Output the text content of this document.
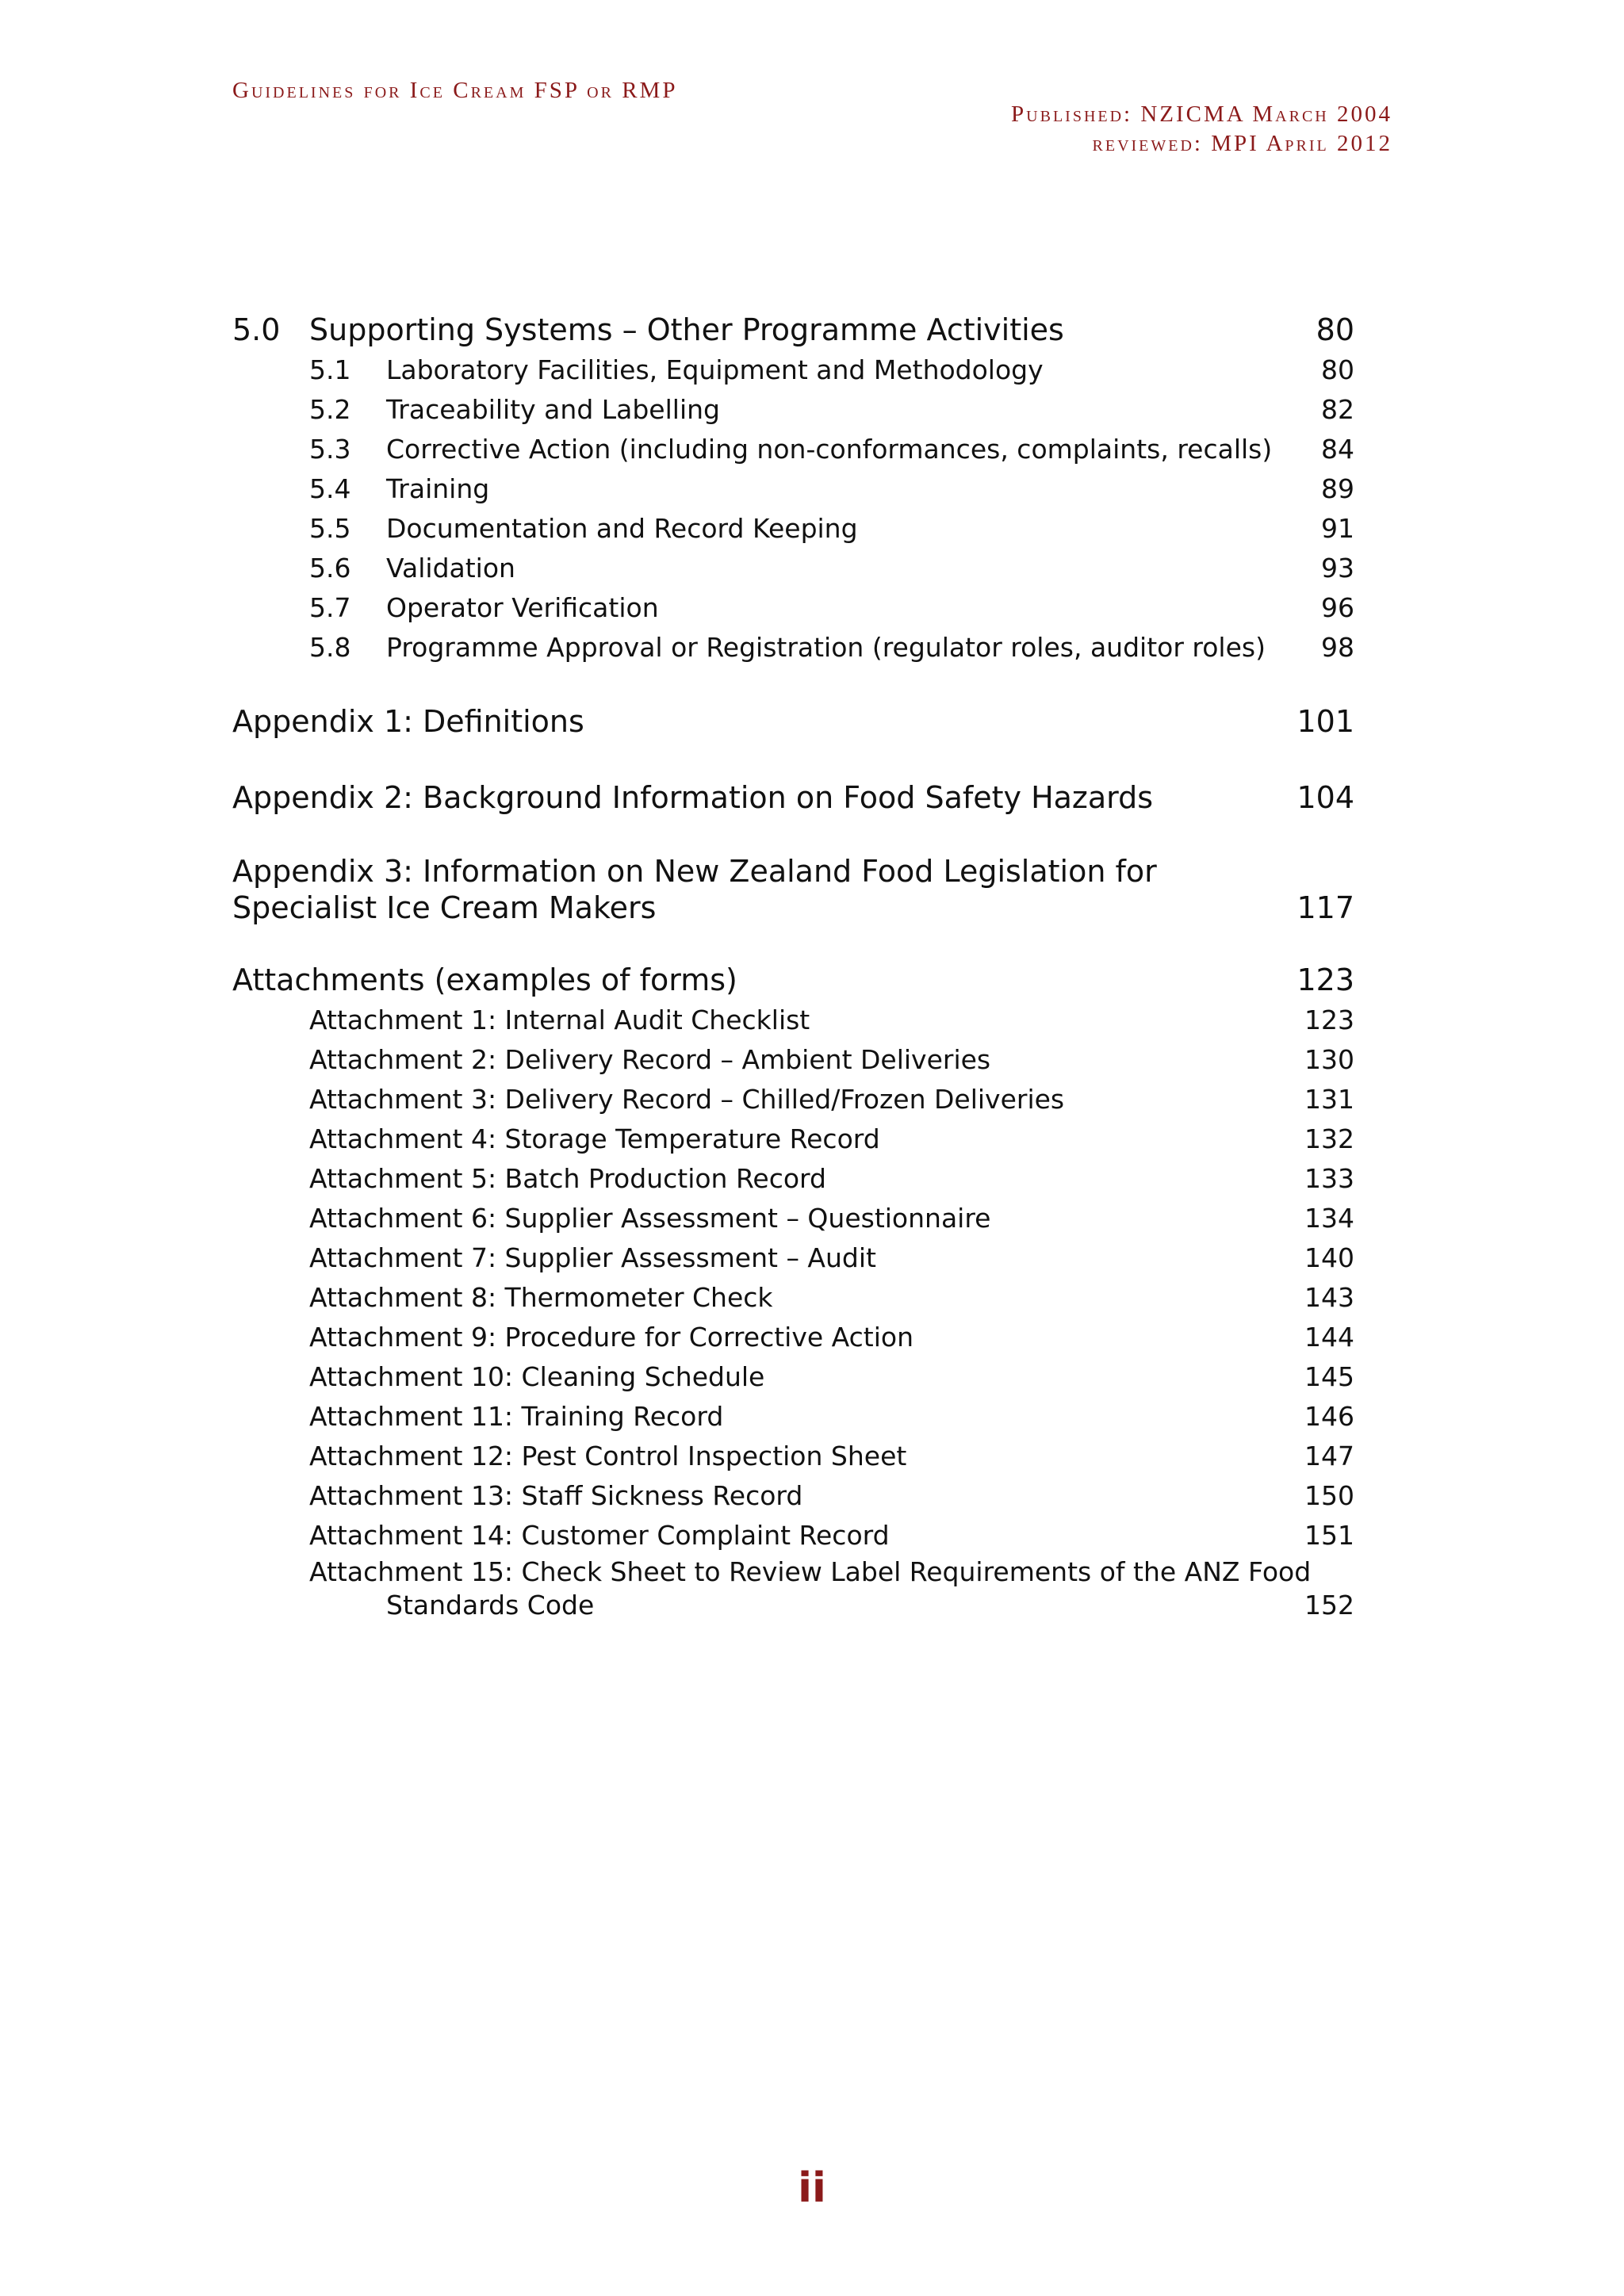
Guidelines for Ice Cream FSP or RMP
Published: NZICMA March 2004
reviewed: MPI April 2012
5.0 Supporting Systems – Other Programme Activities	80
5.1	Laboratory Facilities, Equipment and Methodology	80
5.2	Traceability and Labelling	82
5.3	Corrective Action (including non-conformances, complaints, recalls) 84
5.4	Training	89
5.5	Documentation and Record Keeping	91
5.6	Validation	93
5.7	Operator Verification	96
5.8	Programme Approval or Registration (regulator roles, auditor roles) 98
Appendix 1: Definitions	101
Appendix 2: Background Information on Food Safety Hazards	104
Appendix 3: Information on New Zealand Food Legislation for Specialist Ice Cream Makers	117
Attachments (examples of forms)	123
Attachment 1: Internal Audit Checklist	123
Attachment 2: Delivery Record – Ambient Deliveries	130
Attachment 3: Delivery Record – Chilled/Frozen Deliveries	131
Attachment 4: Storage Temperature Record	132
Attachment 5: Batch Production Record	133
Attachment 6: Supplier Assessment – Questionnaire	134
Attachment 7: Supplier Assessment – Audit	140
Attachment 8: Thermometer Check	143
Attachment 9: Procedure for Corrective Action	144
Attachment 10: Cleaning Schedule	145
Attachment 11: Training Record	146
Attachment 12: Pest Control Inspection Sheet	147
Attachment 13: Staff Sickness Record	150
Attachment 14: Customer Complaint Record	151
Attachment 15: Check Sheet to Review Label Requirements of the ANZ Food Standards Code	152
ii
